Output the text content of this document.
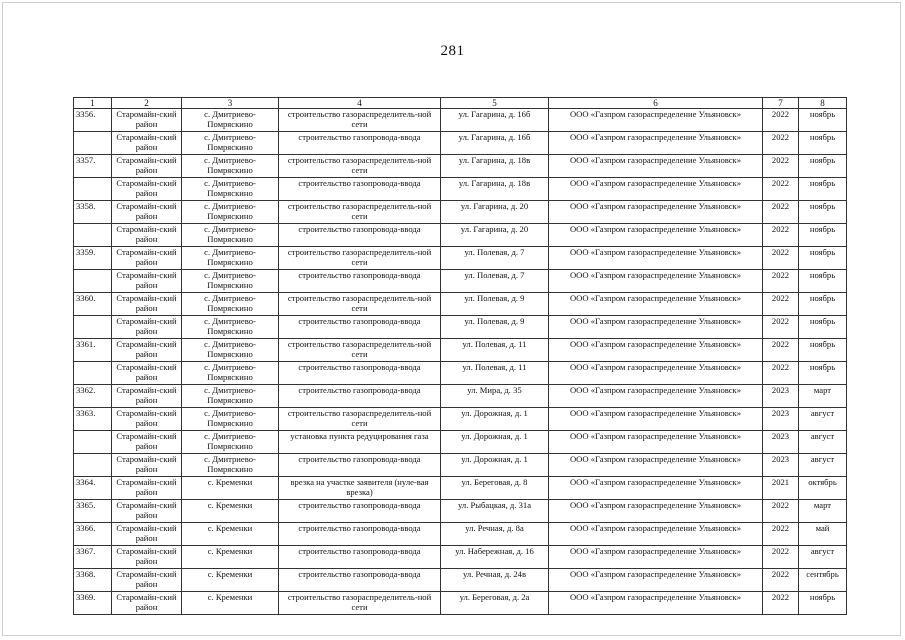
281
1	2	3	4	5	6	7	8
3356.	Старомайн-ский район	с. Дмитриево-Помряскино	строительство газораспределитель-ной сети	ул. Гагарина, д. 16б	ООО «Газпром газораспределение Ульяновск»	2022	ноябрь
	Старомайн-ский район	с. Дмитриево-Помряскино	строительство газопровода-ввода	ул. Гагарина, д. 16б	ООО «Газпром газораспределение Ульяновск»	2022	ноябрь
3357.	Старомайн-ский район	с. Дмитриево-Помряскино	строительство газораспределитель-ной сети	ул. Гагарина, д. 18в	ООО «Газпром газораспределение Ульяновск»	2022	ноябрь
	Старомайн-ский район	с. Дмитриево-Помряскино	строительство газопровода-ввода	ул. Гагарина, д. 18в	ООО «Газпром газораспределение Ульяновск»	2022	ноябрь
3358.	Старомайн-ский район	с. Дмитриево-Помряскино	строительство газораспределитель-ной сети	ул. Гагарина, д. 20	ООО «Газпром газораспределение Ульяновск»	2022	ноябрь
	Старомайн-ский район	с. Дмитриево-Помряскино	строительство газопровода-ввода	ул. Гагарина, д. 20	ООО «Газпром газораспределение Ульяновск»	2022	ноябрь
3359.	Старомайн-ский район	с. Дмитриево-Помряскино	строительство газораспределитель-ной сети	ул. Полевая, д. 7	ООО «Газпром газораспределение Ульяновск»	2022	ноябрь
	Старомайн-ский район	с. Дмитриево-Помряскино	строительство газопровода-ввода	ул. Полевая, д. 7	ООО «Газпром газораспределение Ульяновск»	2022	ноябрь
3360.	Старомайн-ский район	с. Дмитриево-Помряскино	строительство газораспределитель-ной сети	ул. Полевая, д. 9	ООО «Газпром газораспределение Ульяновск»	2022	ноябрь
	Старомайн-ский район	с. Дмитриево-Помряскино	строительство газопровода-ввода	ул. Полевая, д. 9	ООО «Газпром газораспределение Ульяновск»	2022	ноябрь
3361.	Старомайн-ский район	с. Дмитриево-Помряскино	строительство газораспределитель-ной сети	ул. Полевая, д. 11	ООО «Газпром газораспределение Ульяновск»	2022	ноябрь
	Старомайн-ский район	с. Дмитриево-Помряскино	строительство газопровода-ввода	ул. Полевая, д. 11	ООО «Газпром газораспределение Ульяновск»	2022	ноябрь
3362.	Старомайн-ский район	с. Дмитриево-Помряскино	строительство газопровода-ввода	ул. Мира, д. 35	ООО «Газпром газораспределение Ульяновск»	2023	март
3363.	Старомайн-ский район	с. Дмитриево-Помряскино	строительство газораспределитель-ной сети	ул. Дорожная, д. 1	ООО «Газпром газораспределение Ульяновск»	2023	август
	Старомайн-ский район	с. Дмитриево-Помряскино	установка пункта редуцирования газа	ул. Дорожная, д. 1	ООО «Газпром газораспределение Ульяновск»	2023	август
	Старомайн-ский район	с. Дмитриево-Помряскино	строительство газопровода-ввода	ул. Дорожная, д. 1	ООО «Газпром газораспределение Ульяновск»	2023	август
3364.	Старомайн-ский район	с. Кременки	врезка на участке заявителя (нуле-вая врезка)	ул. Береговая, д. 8	ООО «Газпром газораспределение Ульяновск»	2021	октябрь
3365.	Старомайн-ский район	с. Кременки	строительство газопровода-ввода	ул. Рыбацкая, д. 31а	ООО «Газпром газораспределение Ульяновск»	2022	март
3366.	Старомайн-ский район	с. Кременки	строительство газопровода-ввода	ул. Речная, д. 8а	ООО «Газпром газораспределение Ульяновск»	2022	май
3367.	Старомайн-ский район	с. Кременки	строительство газопровода-ввода	ул. Набережная, д. 16	ООО «Газпром газораспределение Ульяновск»	2022	август
3368.	Старомайн-ский район	с. Кременки	строительство газопровода-ввода	ул. Речная, д. 24в	ООО «Газпром газораспределение Ульяновск»	2022	сентябрь
3369.	Старомайн-ский район	с. Кременки	строительство газораспределитель-ной сети	ул. Береговая, д. 2а	ООО «Газпром газораспределение Ульяновск»	2022	ноябрь
